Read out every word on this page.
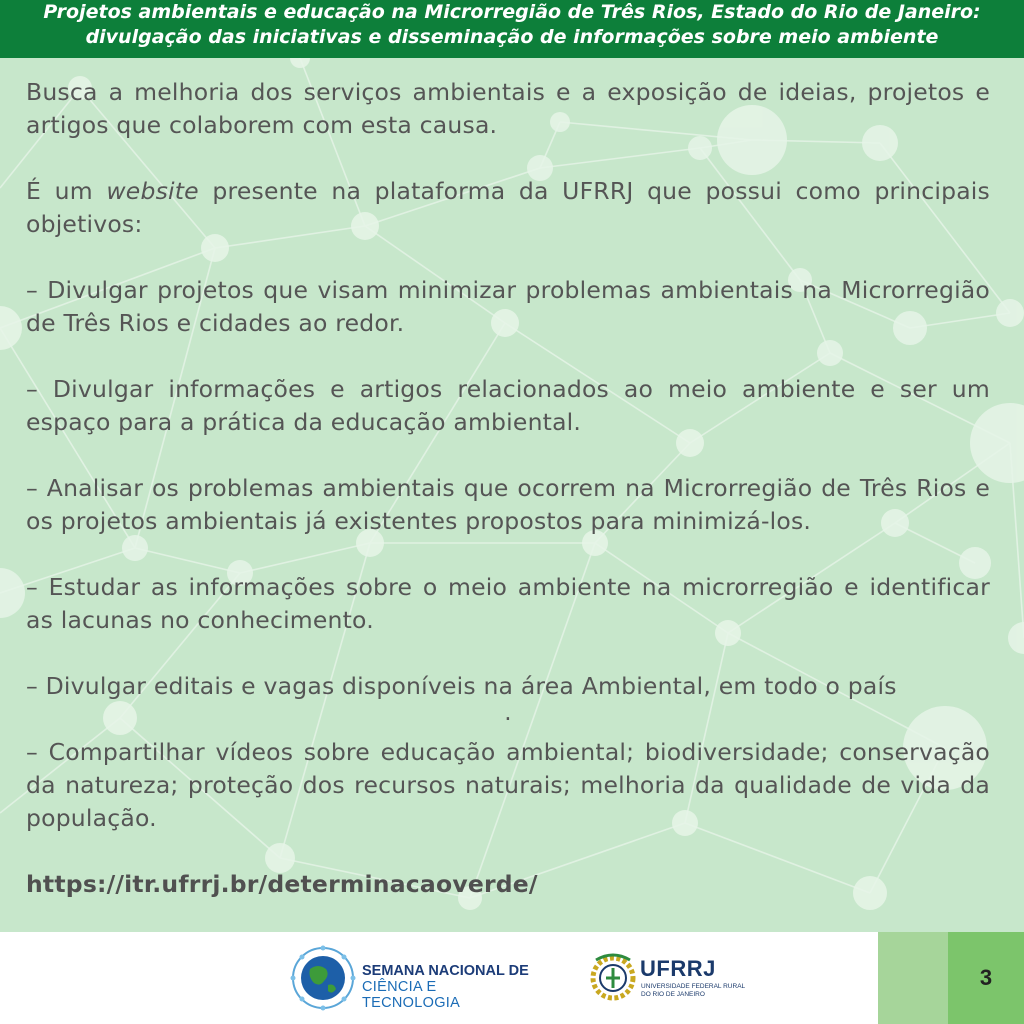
Projetos ambientais e educação na Microrregião de Três Rios, Estado do Rio de Janeiro:
divulgação das iniciativas e disseminação de informações sobre meio ambiente

Busca a melhoria dos serviços ambientais e a exposição de ideias, projetos e artigos que colaborem com esta causa.

É um website presente na plataforma da UFRRJ que possui como principais objetivos:

– Divulgar projetos que visam minimizar problemas ambientais na Microrregião de Três Rios e cidades ao redor.

– Divulgar informações e artigos relacionados ao meio ambiente e ser um espaço para a prática da educação ambiental.

– Analisar os problemas ambientais que ocorrem na Microrregião de Três Rios e os projetos ambientais já existentes propostos para minimizá-los.

– Estudar as informações sobre o meio ambiente na microrregião e identificar as lacunas no conhecimento.

– Divulgar editais e vagas disponíveis na área Ambiental, em todo o país

.

– Compartilhar vídeos sobre educação ambiental; biodiversidade; conservação da natureza; proteção dos recursos naturais; melhoria da qualidade de vida da população.

https://itr.ufrrj.br/determinacaoverde/

SEMANA NACIONAL DE
CIÊNCIA E TECNOLOGIA
UFRRJ
UNIVERSIDADE FEDERAL RURAL
DO RIO DE JANEIRO
3
